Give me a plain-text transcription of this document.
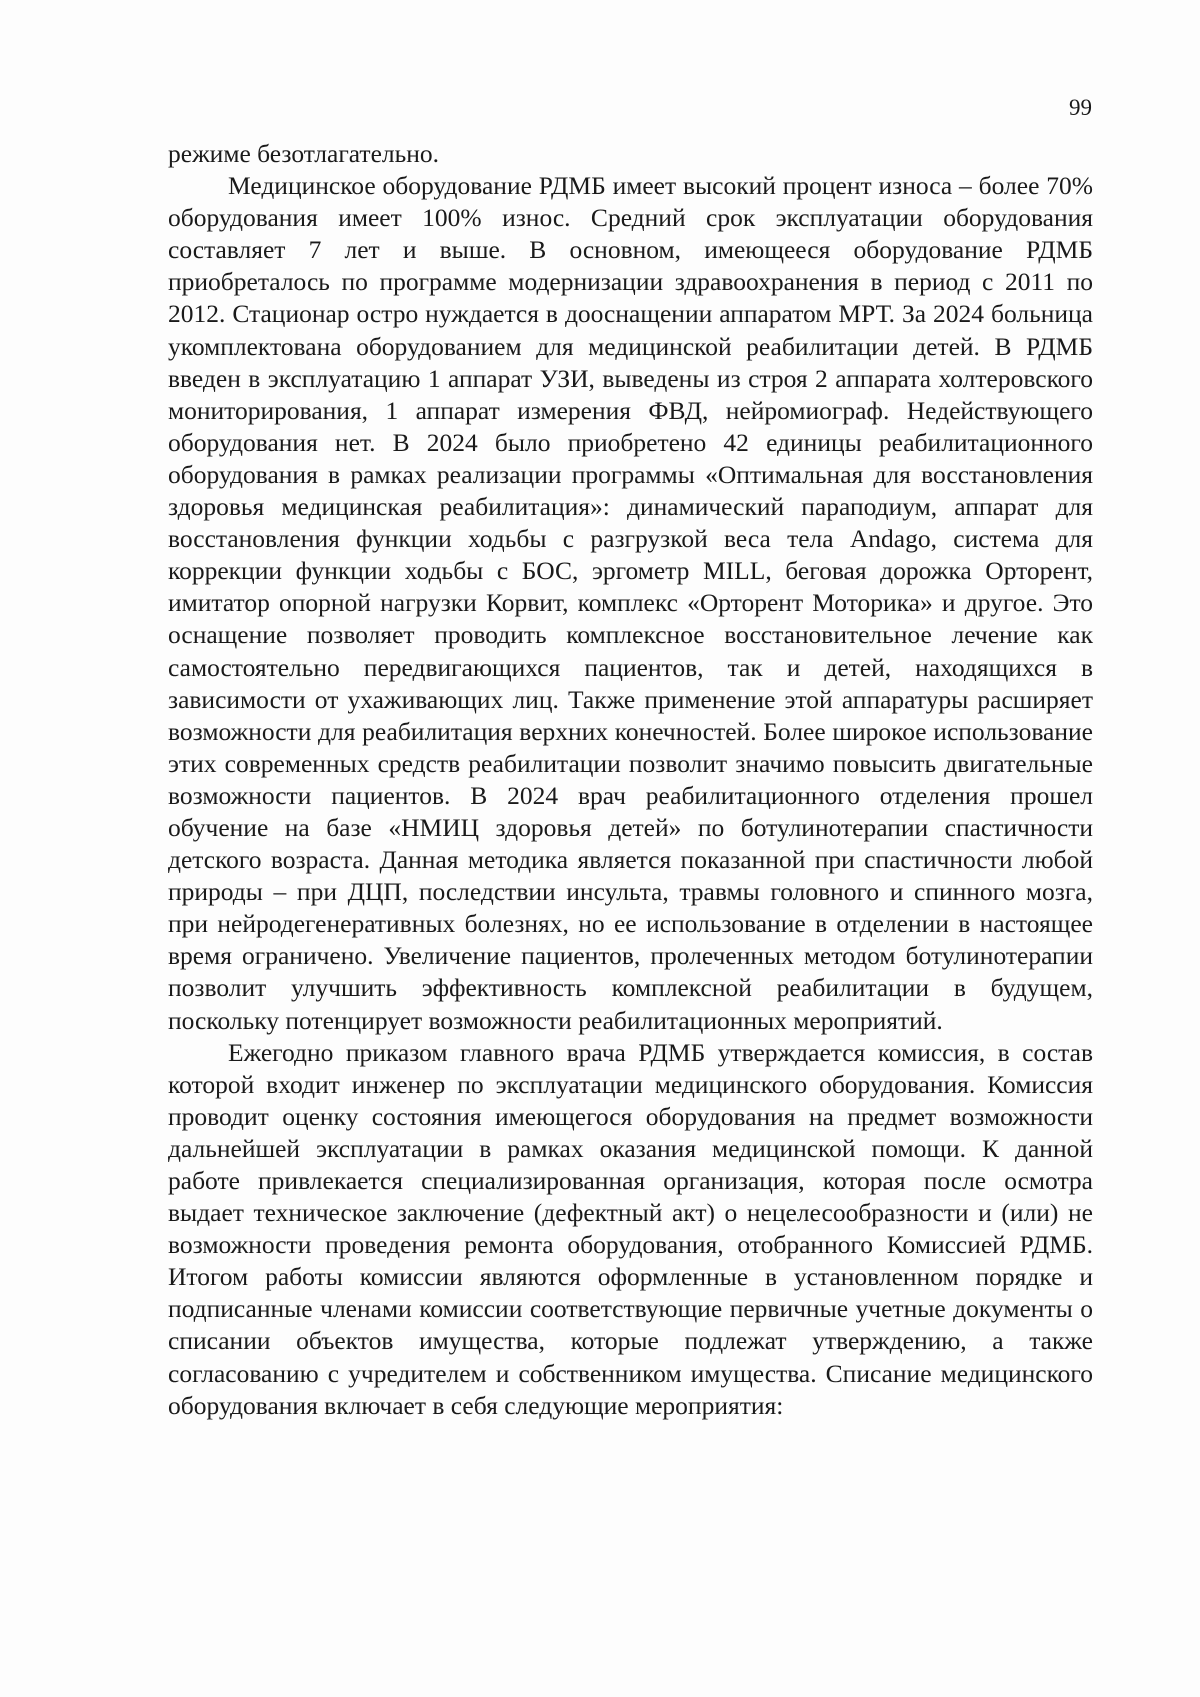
99

режиме безотлагательно.

Медицинское оборудование РДМБ имеет высокий процент износа – более 70% оборудования имеет 100% износ. Средний срок эксплуатации оборудования составляет 7 лет и выше. В основном, имеющееся оборудование РДМБ приобреталось по программе модернизации здравоохранения в период с 2011 по 2012. Стационар остро нуждается в дооснащении аппаратом МРТ. За 2024 больница укомплектована оборудованием для медицинской реабилитации детей. В РДМБ введен в эксплуатацию 1 аппарат УЗИ, выведены из строя 2 аппарата холтеровского мониторирования, 1 аппарат измерения ФВД, нейромиограф. Недействующего оборудования нет. В 2024 было приобретено 42 единицы реабилитационного оборудования в рамках реализации программы «Оптимальная для восстановления здоровья медицинская реабилитация»: динамический параподиум, аппарат для восстановления функции ходьбы с разгрузкой веса тела Andago, система для коррекции функции ходьбы с БОС, эргометр MILL, беговая дорожка Орторент, имитатор опорной нагрузки Корвит, комплекс «Орторент Моторика» и другое. Это оснащение позволяет проводить комплексное восстановительное лечение как самостоятельно передвигающихся пациентов, так и детей, находящихся в зависимости от ухаживающих лиц. Также применение этой аппаратуры расширяет возможности для реабилитация верхних конечностей. Более широкое использование этих современных средств реабилитации позволит значимо повысить двигательные возможности пациентов. В 2024 врач реабилитационного отделения прошел обучение на базе «НМИЦ здоровья детей» по ботулинотерапии спастичности детского возраста. Данная методика является показанной при спастичности любой природы – при ДЦП, последствии инсульта, травмы головного и спинного мозга, при нейродегенеративных болезнях, но ее использование в отделении в настоящее время ограничено. Увеличение пациентов, пролеченных методом ботулинотерапии позволит улучшить эффективность комплексной реабилитации в будущем, поскольку потенцирует возможности реабилитационных мероприятий.

Ежегодно приказом главного врача РДМБ утверждается комиссия, в состав которой входит инженер по эксплуатации медицинского оборудования. Комиссия проводит оценку состояния имеющегося оборудования на предмет возможности дальнейшей эксплуатации в рамках оказания медицинской помощи. К данной работе привлекается специализированная организация, которая после осмотра выдает техническое заключение (дефектный акт) о нецелесообразности и (или) не возможности проведения ремонта оборудования, отобранного Комиссией РДМБ. Итогом работы комиссии являются оформленные в установленном порядке и подписанные членами комиссии соответствующие первичные учетные документы о списании объектов имущества, которые подлежат утверждению, а также согласованию с учредителем и собственником имущества. Списание медицинского оборудования включает в себя следующие мероприятия:
